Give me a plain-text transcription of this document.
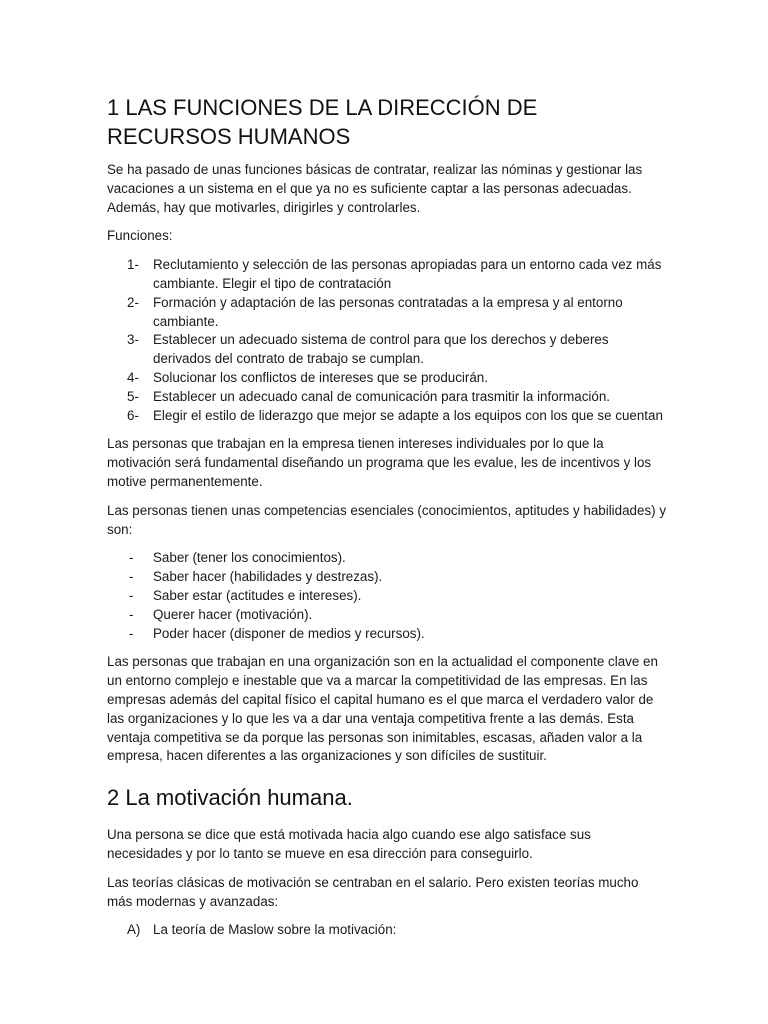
1 LAS FUNCIONES DE LA DIRECCIÓN DE RECURSOS HUMANOS

Se ha pasado de unas funciones básicas de contratar, realizar las nóminas y gestionar las vacaciones a un sistema en el que ya no es suficiente captar a las personas adecuadas. Además, hay que motivarles, dirigirles y controlarles.

Funciones:

1-	Reclutamiento y selección de las personas apropiadas para un entorno cada vez más cambiante. Elegir el tipo de contratación
2-	Formación y adaptación de las personas contratadas a la empresa y al entorno cambiante.
3-	Establecer un adecuado sistema de control para que los derechos y deberes derivados del contrato de trabajo se cumplan.
4-	Solucionar los conflictos de intereses que se producirán.
5-	Establecer un adecuado canal de comunicación para trasmitir la información.
6-	Elegir el estilo de liderazgo que mejor se adapte a los equipos con los que se cuentan

Las personas que trabajan en la empresa tienen intereses individuales por lo que la motivación será fundamental diseñando un programa que les evalue, les de incentivos y los motive permanentemente.

Las personas tienen unas competencias esenciales (conocimientos, aptitudes y habilidades) y son:

-	Saber (tener los conocimientos).
-	Saber hacer (habilidades y destrezas).
-	Saber estar (actitudes e intereses).
-	Querer hacer (motivación).
-	Poder hacer (disponer de medios y recursos).

Las personas que trabajan en una organización son en la actualidad el componente clave en un entorno complejo e inestable que va a marcar la competitividad de las empresas. En las empresas además del capital físico el capital humano es el que marca el verdadero valor de las organizaciones y lo que les va a dar una ventaja competitiva frente a las demás. Esta ventaja competitiva se da porque las personas son inimitables, escasas, añaden valor a la empresa, hacen diferentes a las organizaciones y son difíciles de sustituir.

2 La motivación humana.

Una persona se dice que está motivada hacia algo cuando ese algo satisface sus necesidades y por lo tanto se mueve en esa dirección para conseguirlo.

Las teorías clásicas de motivación se centraban en el salario. Pero existen teorías mucho más modernas y avanzadas:

A) La teoría de Maslow sobre la motivación:
